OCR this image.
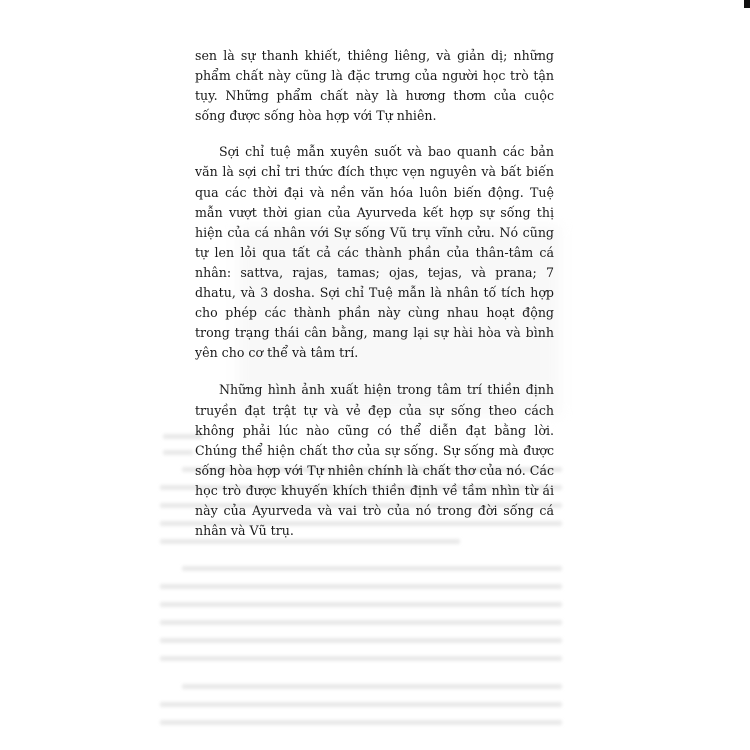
sen là sự thanh khiết, thiêng liêng, và giản dị; những phẩm chất này cũng là đặc trưng của người học trò tận tụy. Những phẩm chất này là hương thơm của cuộc sống được sống hòa hợp với Tự nhiên.

Sợi chỉ tuệ mẫn xuyên suốt và bao quanh các bản văn là sợi chỉ tri thức đích thực vẹn nguyên và bất biến qua các thời đại và nền văn hóa luôn biến động. Tuệ mẫn vượt thời gian của Ayurveda kết hợp sự sống thị hiện của cá nhân với Sự sống Vũ trụ vĩnh cửu. Nó cũng tự len lỏi qua tất cả các thành phần của thân-tâm cá nhân: sattva, rajas, tamas; ojas, tejas, và prana; 7 dhatu, và 3 dosha. Sợi chỉ Tuệ mẫn là nhân tố tích hợp cho phép các thành phần này cùng nhau hoạt động trong trạng thái cân bằng, mang lại sự hài hòa và bình yên cho cơ thể và tâm trí.

Những hình ảnh xuất hiện trong tâm trí thiền định truyền đạt trật tự và vẻ đẹp của sự sống theo cách không phải lúc nào cũng có thể diễn đạt bằng lời. Chúng thể hiện chất thơ của sự sống. Sự sống mà được sống hòa hợp với Tự nhiên chính là chất thơ của nó. Các học trò được khuyến khích thiền định về tầm nhìn từ ái này của Ayurveda và vai trò của nó trong đời sống cá nhân và Vũ trụ.
